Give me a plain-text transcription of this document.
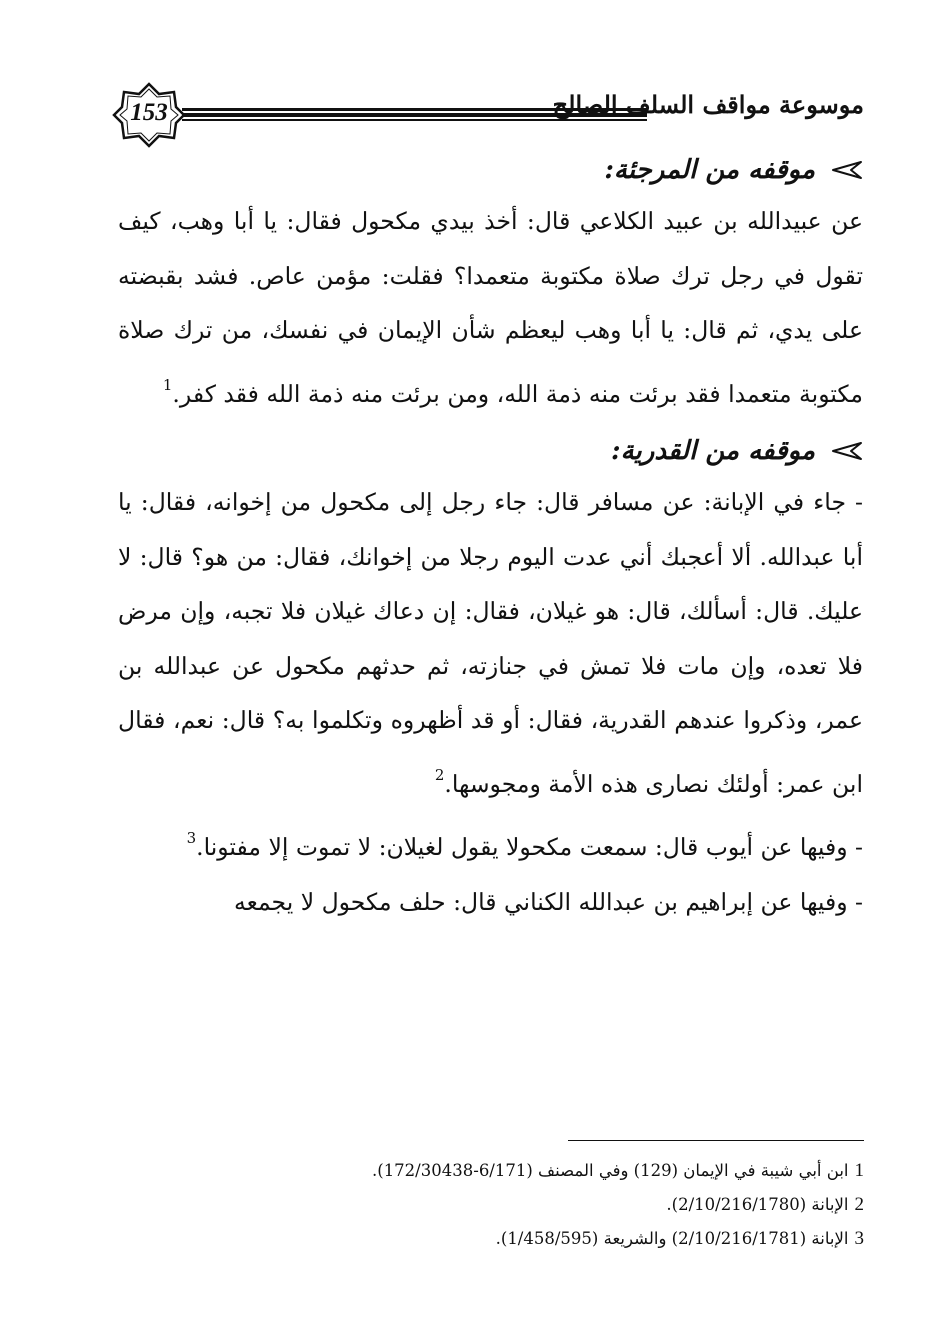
153	موسوعة مواقف السلف الصالح
موقفه من المرجئة:

عن عبيدالله بن عبيد الكلاعي قال: أخذ بيدي مكحول فقال: يا أبا وهب، كيف تقول في رجل ترك صلاة مكتوبة متعمدا؟ فقلت: مؤمن عاص. فشد بقبضته على يدي، ثم قال: يا أبا وهب ليعظم شأن الإيمان في نفسك، من ترك صلاة مكتوبة متعمدا فقد برئت منه ذمة الله، ومن برئت منه ذمة الله فقد كفر.$^1$

موقفه من القدرية:

- جاء في الإبانة: عن مسافر قال: جاء رجل إلى مكحول من إخوانه، فقال: يا أبا عبدالله. ألا أعجبك أني عدت اليوم رجلا من إخوانك، فقال: من هو؟ قال: لا عليك. قال: أسألك، قال: هو غيلان، فقال: إن دعاك غيلان فلا تجبه، وإن مرض فلا تعده، وإن مات فلا تمش في جنازته، ثم حدثهم مكحول عن عبدالله بن عمر، وذكروا عندهم القدرية، فقال: أو قد أظهروه وتكلموا به؟ قال: نعم، فقال ابن عمر: أولئك نصارى هذه الأمة ومجوسها.$^2$

- وفيها عن أيوب قال: سمعت مكحولا يقول لغيلان: لا تموت إلا مفتونا.$^3$

- وفيها عن إبراهيم بن عبدالله الكناني قال: حلف مكحول لا يجمعه

1ابن أبي شيبة في الإيمان (129) وفي المصنف (6/171-172/30438).
2الإبانة (2/10/216/1780).
3الإبانة (2/10/216/1781) والشريعة (1/458/595).
